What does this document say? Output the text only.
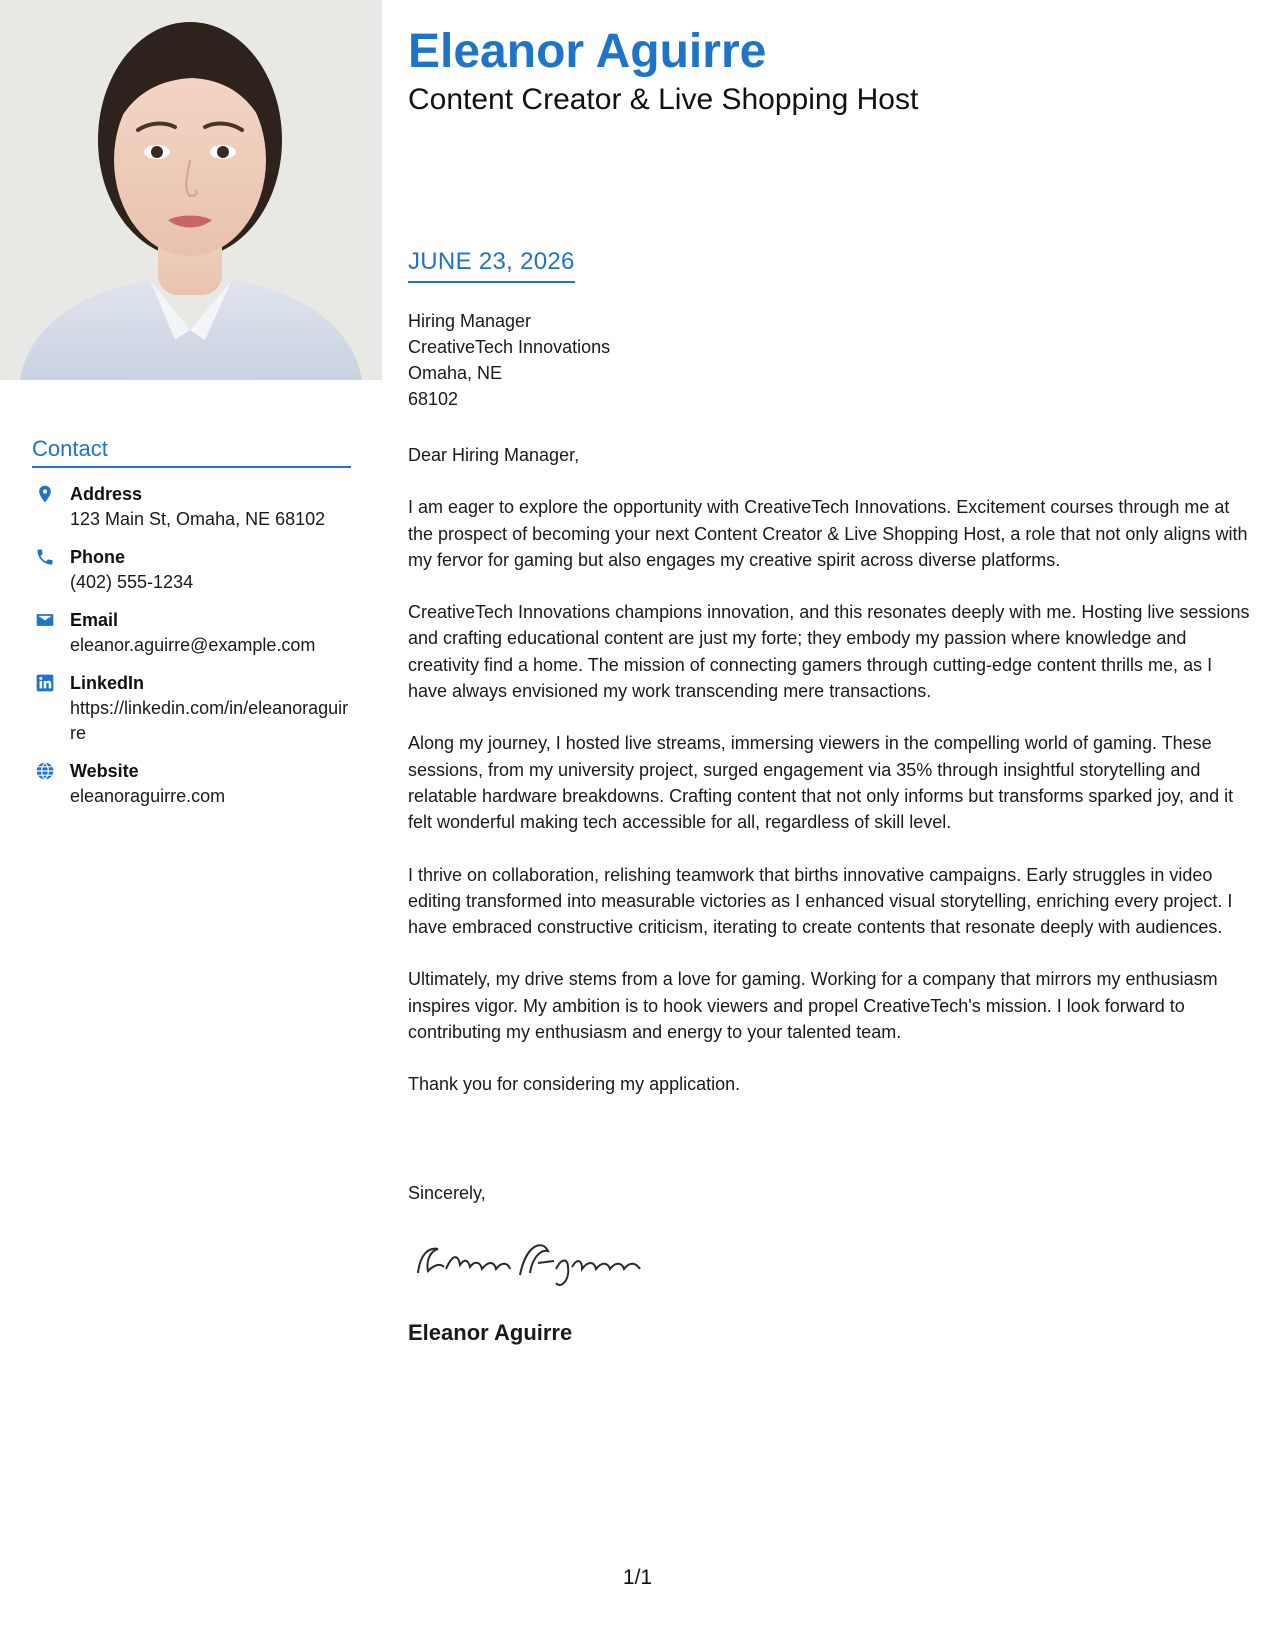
Eleanor Aguirre
Content Creator & Live Shopping Host
JUNE 23, 2026
Hiring Manager
CreativeTech Innovations
Omaha, NE
68102

Dear Hiring Manager,

I am eager to explore the opportunity with CreativeTech Innovations. Excitement courses through me at the prospect of becoming your next Content Creator & Live Shopping Host, a role that not only aligns with my fervor for gaming but also engages my creative spirit across diverse platforms.

CreativeTech Innovations champions innovation, and this resonates deeply with me. Hosting live sessions and crafting educational content are just my forte; they embody my passion where knowledge and creativity find a home. The mission of connecting gamers through cutting-edge content thrills me, as I have always envisioned my work transcending mere transactions.

Along my journey, I hosted live streams, immersing viewers in the compelling world of gaming. These sessions, from my university project, surged engagement via 35% through insightful storytelling and relatable hardware breakdowns. Crafting content that not only informs but transforms sparked joy, and it felt wonderful making tech accessible for all, regardless of skill level.

I thrive on collaboration, relishing teamwork that births innovative campaigns. Early struggles in video editing transformed into measurable victories as I enhanced visual storytelling, enriching every project. I have embraced constructive criticism, iterating to create contents that resonate deeply with audiences.

Ultimately, my drive stems from a love for gaming. Working for a company that mirrors my enthusiasm inspires vigor. My ambition is to hook viewers and propel CreativeTech's mission. I look forward to contributing my enthusiasm and energy to your talented team.

Thank you for considering my application.

Sincerely,
Eleanor Aguirre
Contact
Address
123 Main St, Omaha, NE 68102
Phone
(402) 555-1234
Email
eleanor.aguirre@example.com
LinkedIn
https://linkedin.com/in/eleanoraguirre
Website
eleanoraguirre.com
1/1
